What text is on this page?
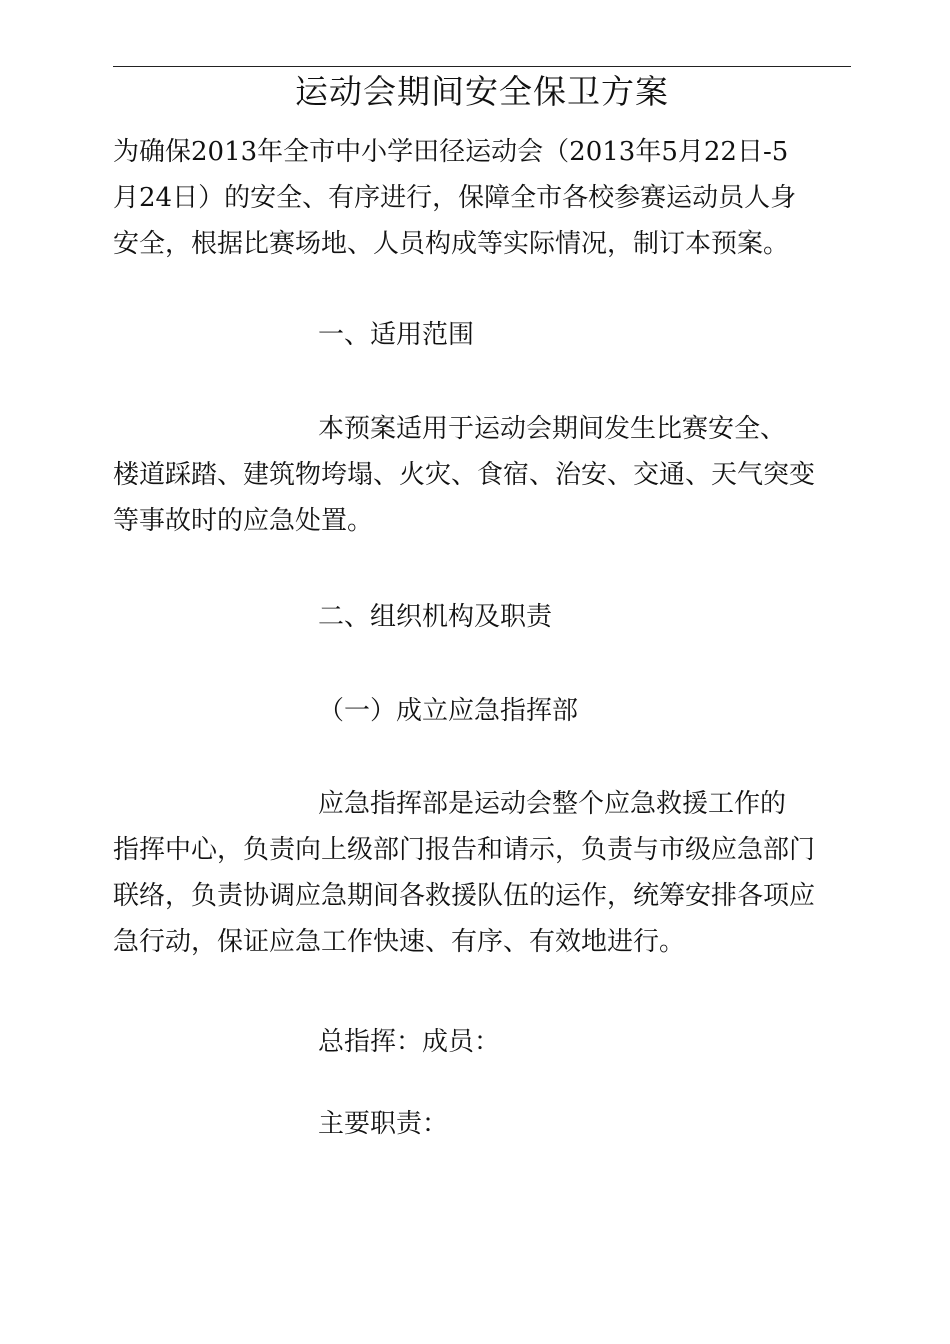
运动会期间安全保卫方案
为确保2013年全市中小学田径运动会（2013年5月22日-5
月24日）的安全、有序进行，保障全市各校参赛运动员人身
安全，根据比赛场地、人员构成等实际情况，制订本预案。
一、适用范围
本预案适用于运动会期间发生比赛安全、
楼道踩踏、建筑物垮塌、火灾、食宿、治安、交通、天气突变
等事故时的应急处置。
二、组织机构及职责
（一）成立应急指挥部
应急指挥部是运动会整个应急救援工作的
指挥中心，负责向上级部门报告和请示，负责与市级应急部门
联络，负责协调应急期间各救援队伍的运作，统筹安排各项应
急行动，保证应急工作快速、有序、有效地进行。
总指挥：成员：
主要职责：
